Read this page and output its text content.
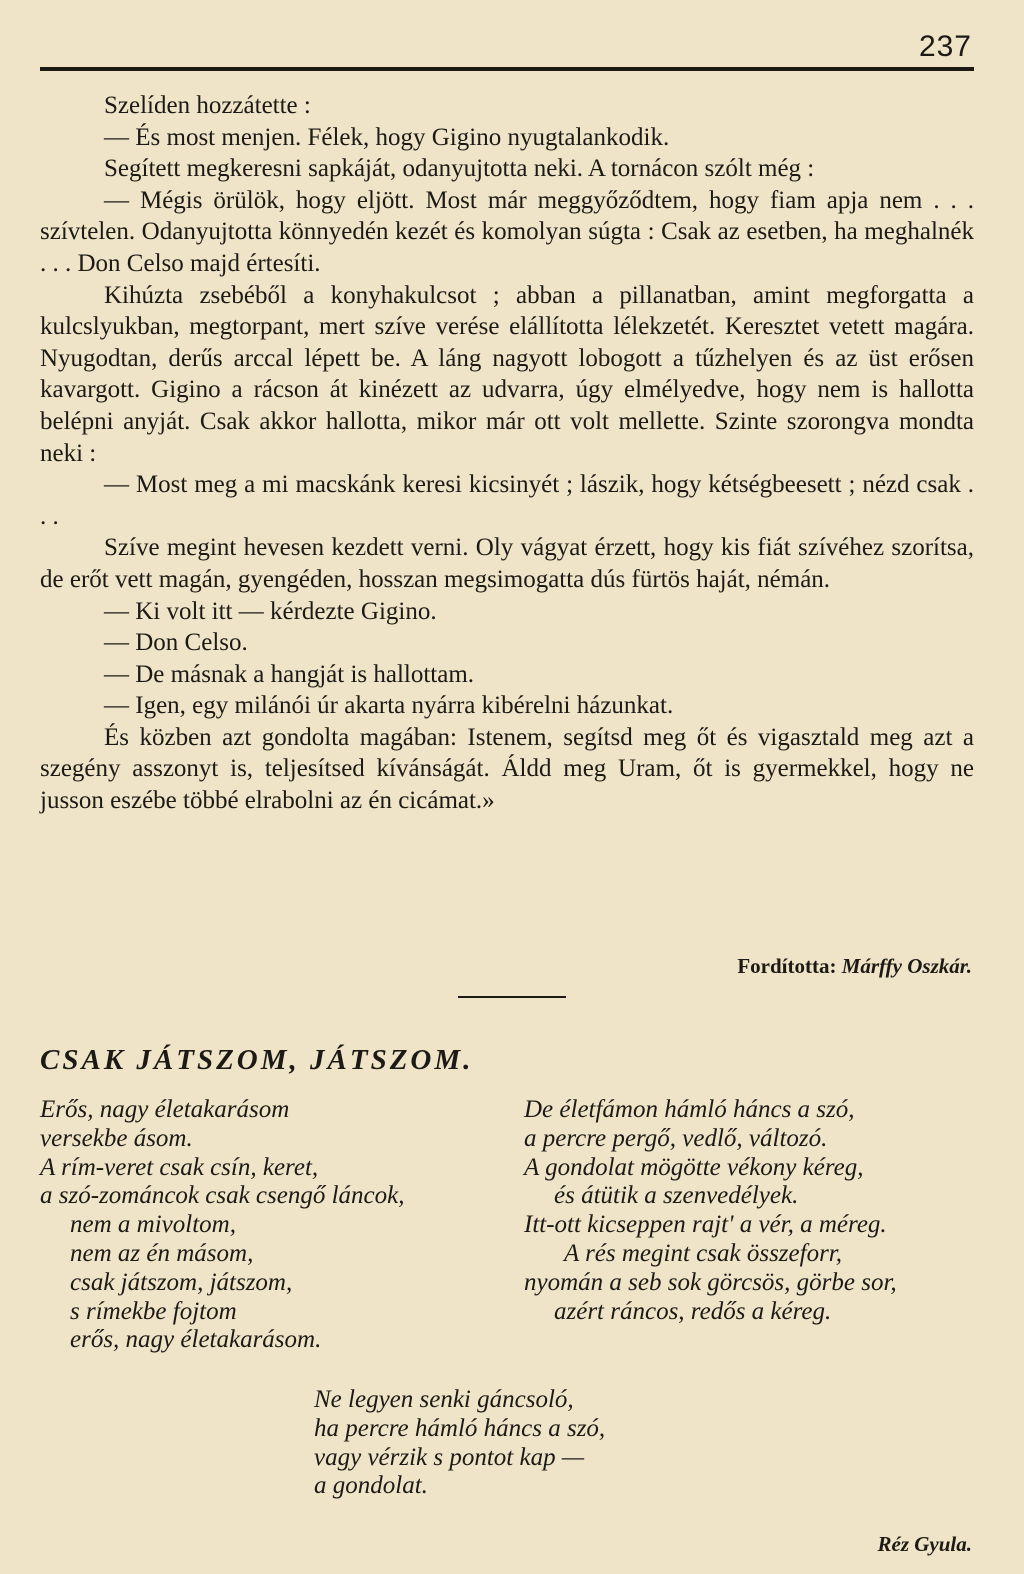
237

Szelíden hozzátette :

— És most menjen. Félek, hogy Gigino nyugtalankodik.

Segített megkeresni sapkáját, odanyujtotta neki. A tornácon szólt még :

— Mégis örülök, hogy eljött. Most már meggyőződtem, hogy fiam apja nem . . . szívtelen. Odanyujtotta könnyedén kezét és komolyan súgta : Csak az esetben, ha meghalnék . . . Don Celso majd értesíti.

Kihúzta zsebéből a konyhakulcsot ; abban a pillanatban, amint megforgatta a kulcslyukban, megtorpant, mert szíve verése elállította lélekzetét. Keresztet vetett magára. Nyugodtan, derűs arccal lépett be. A láng nagyott lobogott a tűzhelyen és az üst erősen kavargott. Gigino a rácson át kinézett az udvarra, úgy elmélyedve, hogy nem is hallotta belépni anyját. Csak akkor hallotta, mikor már ott volt mellette. Szinte szorongva mondta neki :

— Most meg a mi macskánk keresi kicsinyét ; lászik, hogy kétségbeesett ; nézd csak . . .

Szíve megint hevesen kezdett verni. Oly vágyat érzett, hogy kis fiát szívéhez szorítsa, de erőt vett magán, gyengéden, hosszan megsimogatta dús fürtös haját, némán.

— Ki volt itt — kérdezte Gigino.

— Don Celso.

— De másnak a hangját is hallottam.

— Igen, egy milánói úr akarta nyárra kibérelni házunkat.

És közben azt gondolta magában: Istenem, segítsd meg őt és vigasztald meg azt a szegény asszonyt is, teljesítsed kívánságát. Áldd meg Uram, őt is gyermekkel, hogy ne jusson eszébe többé elrabolni az én cicámat.»

Fordította: Márffy Oszkár.
CSAK JÁTSZOM, JÁTSZOM.
Erős, nagy életakarásom
versekbe ásom.
A rím-veret csak csín, keret,
a szó-zománcok csak csengő láncok,
nem a mivoltom,
nem az én másom,
csak játszom, játszom,
s rímekbe fojtom
erős, nagy életakarásom.
De életfámon hámló háncs a szó,
a percre pergő, vedlő, változó.
A gondolat mögötte vékony kéreg,
és átütik a szenvedélyek.
Itt-ott kicseppen rajt' a vér, a méreg.
A rés megint csak összeforr,
nyomán a seb sok görcsös, görbe sor,
azért ráncos, redős a kéreg.
Ne legyen senki gáncsoló,
ha percre hámló háncs a szó,
vagy vérzik s pontot kap —
a gondolat.
Réz Gyula.
